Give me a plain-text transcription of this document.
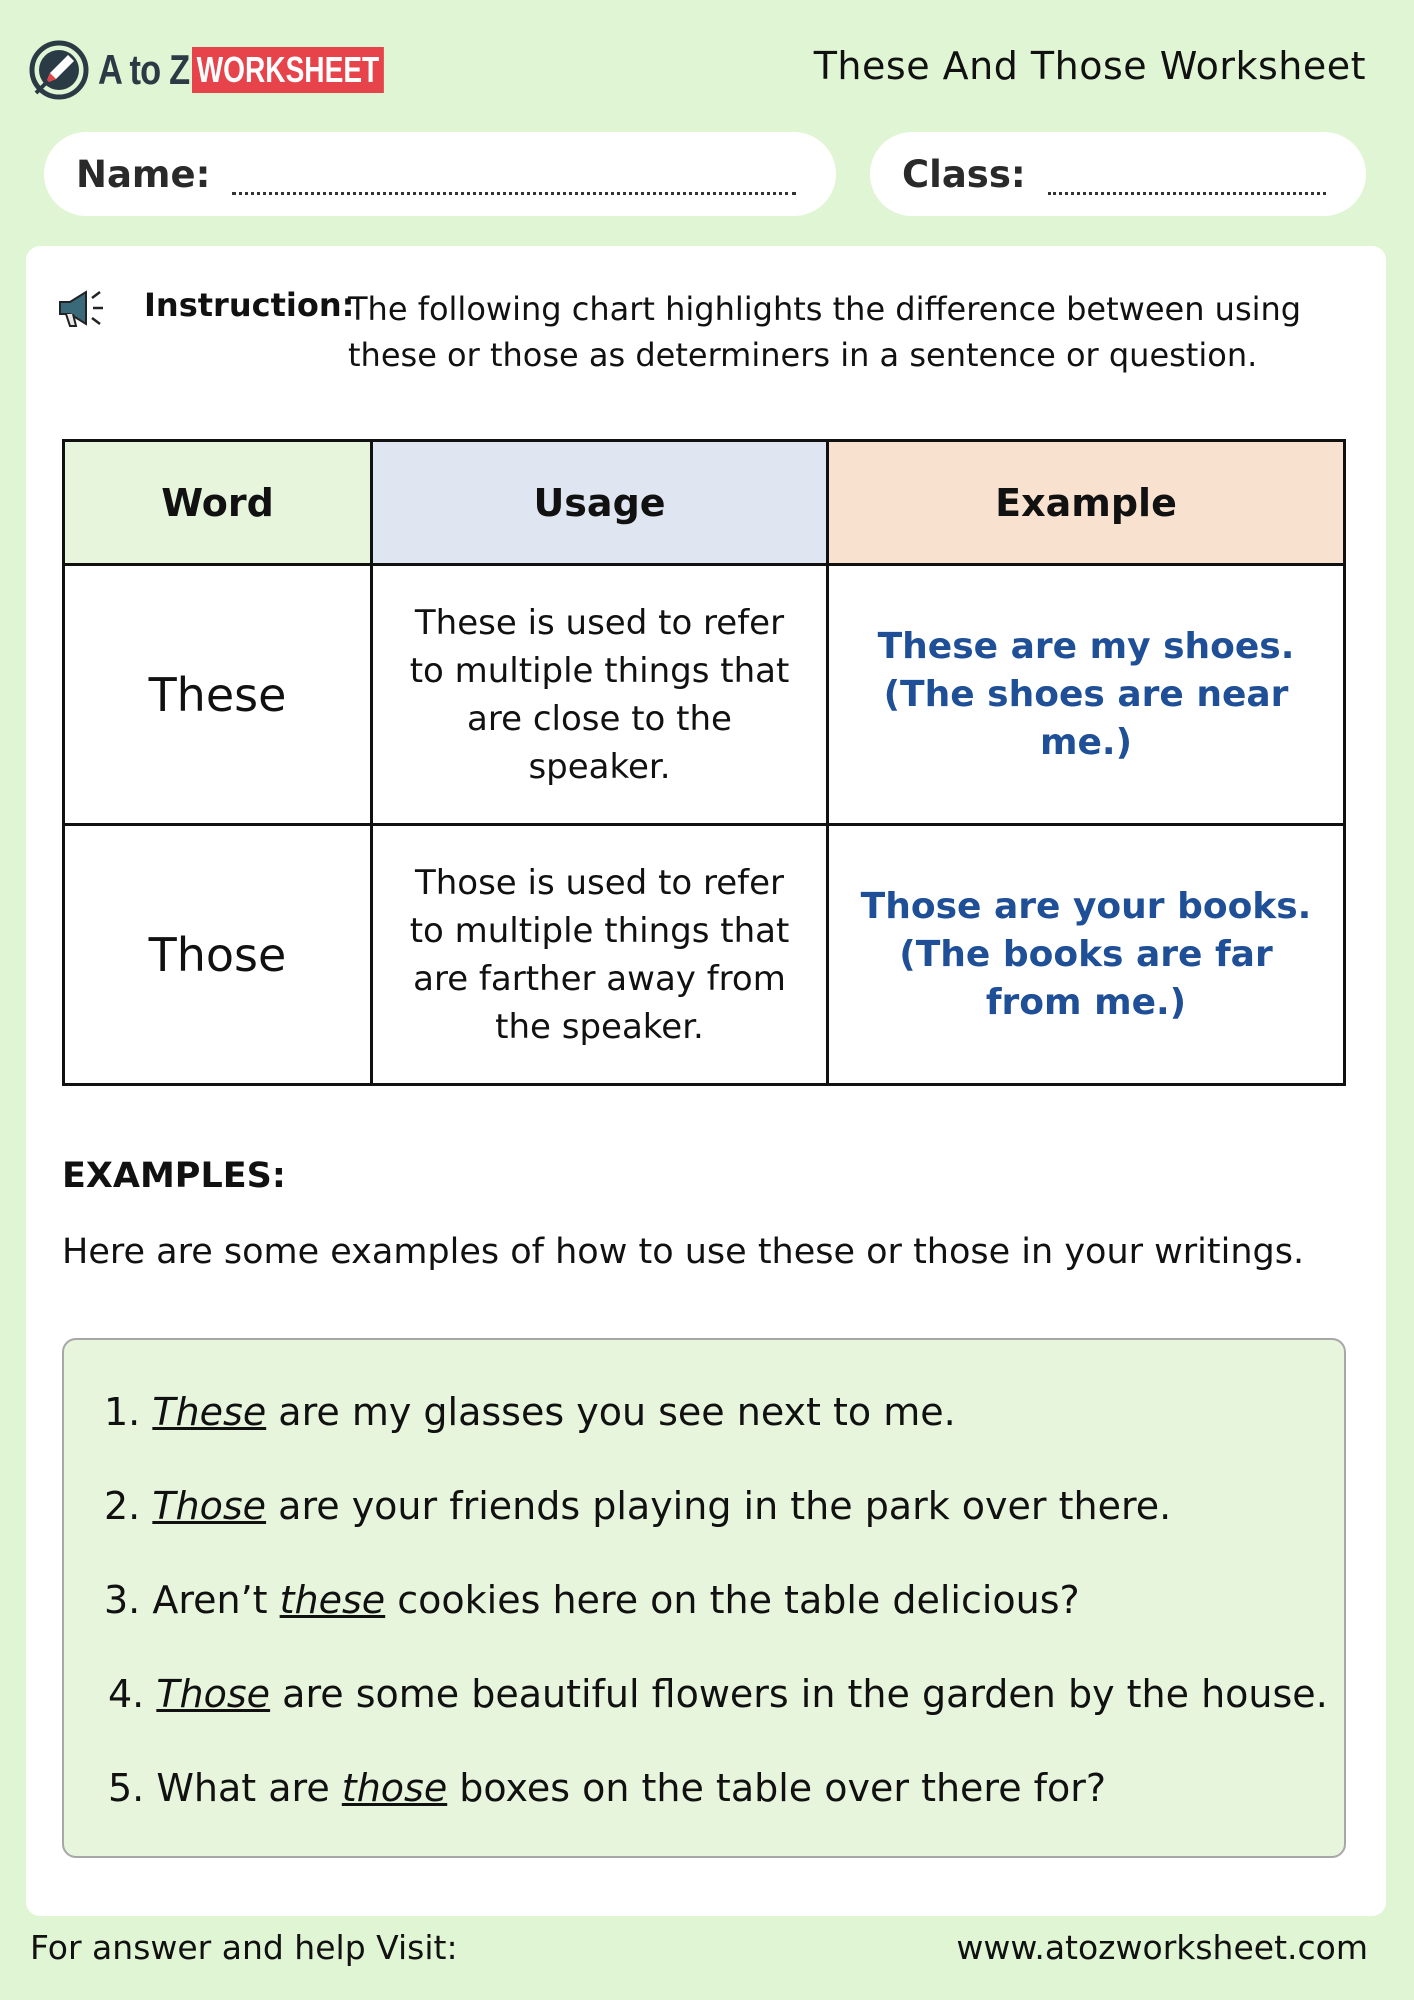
A to Z WORKSHEET	These And Those Worksheet
Name:	Class:
Instruction:
The following chart highlights the difference between using these or those as determiners in a sentence or question.
Word	Usage	Example
These	These is used to refer to multiple things that are close to the speaker.	These are my shoes. (The shoes are near me.)
Those	Those is used to refer to multiple things that are farther away from the speaker.	Those are your books. (The books are far from me.)
EXAMPLES:
Here are some examples of how to use these or those in your writings.
1. These are my glasses you see next to me.
2. Those are your friends playing in the park over there.
3. Aren’t these cookies here on the table delicious?
4. Those are some beautiful flowers in the garden by the house.
5. What are those boxes on the table over there for?
For answer and help Visit:	www.atozworksheet.com
